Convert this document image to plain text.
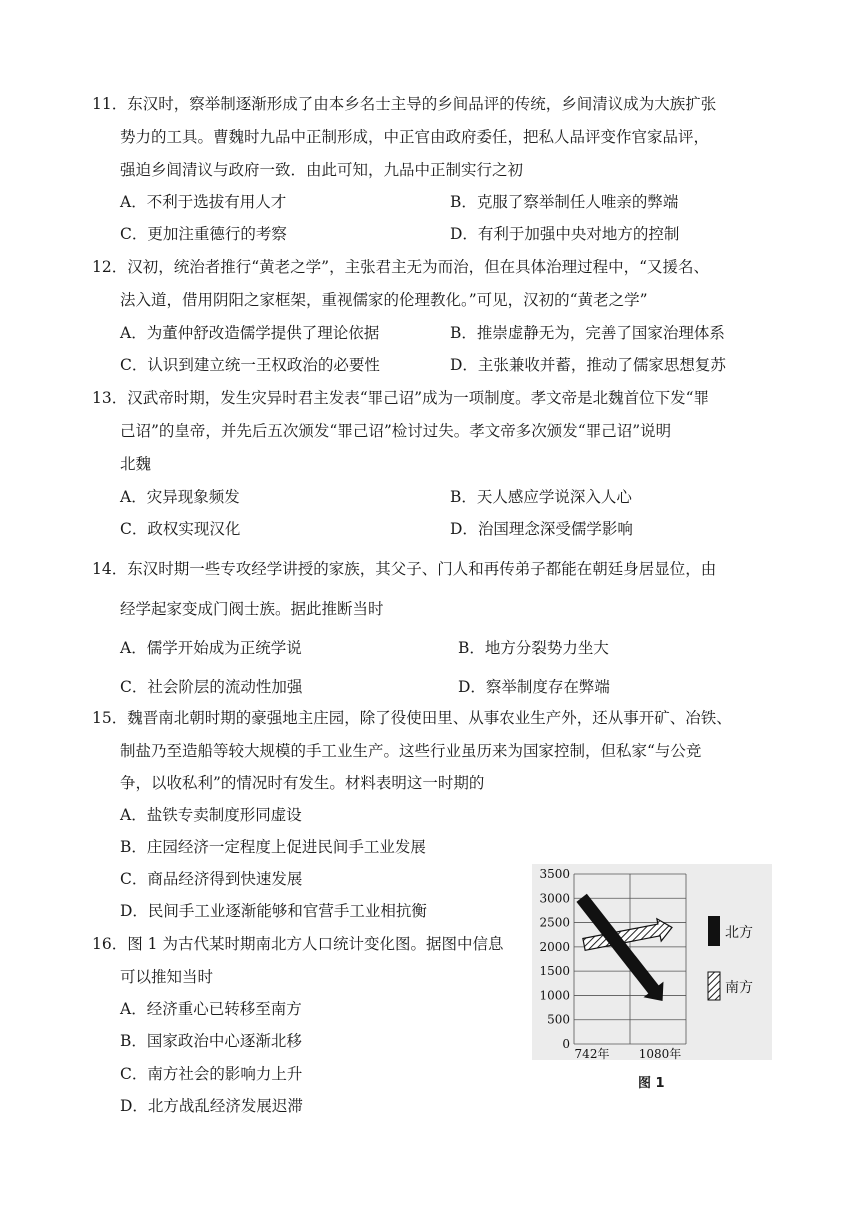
11．东汉时，察举制逐渐形成了由本乡名士主导的乡间品评的传统，乡间清议成为大族扩张
势力的工具。曹魏时九品中正制形成，中正官由政府委任，把私人品评变作官家品评，
强迫乡闾清议与政府一致．由此可知，九品中正制实行之初
A．不利于选拔有用人才	B．克服了察举制任人唯亲的弊端
C．更加注重德行的考察	D．有利于加强中央对地方的控制
12．汉初，统治者推行“黄老之学”，主张君主无为而治，但在具体治理过程中，“又援名、
法入道，借用阴阳之家框架，重视儒家的伦理教化。”可见，汉初的“黄老之学”
A．为董仲舒改造儒学提供了理论依据	B．推崇虚静无为，完善了国家治理体系
C．认识到建立统一王权政治的必要性	D．主张兼收并蓄，推动了儒家思想复苏
13．汉武帝时期，发生灾异时君主发表“罪己诏”成为一项制度。孝文帝是北魏首位下发“罪
己诏”的皇帝，并先后五次颁发“罪己诏”检讨过失。孝文帝多次颁发“罪己诏”说明
北魏
A．灾异现象频发	B．天人感应学说深入人心
C．政权实现汉化	D．治国理念深受儒学影响
14．东汉时期一些专攻经学讲授的家族，其父子、门人和再传弟子都能在朝廷身居显位，由
经学起家变成门阀士族。据此推断当时
A．儒学开始成为正统学说	B．地方分裂势力坐大
C．社会阶层的流动性加强	D．察举制度存在弊端
15．魏晋南北朝时期的豪强地主庄园，除了役使田里、从事农业生产外，还从事开矿、冶铁、
制盐乃至造船等较大规模的手工业生产。这些行业虽历来为国家控制，但私家“与公竞
争，以收私利”的情况时有发生。材料表明这一时期的
A．盐铁专卖制度形同虚设
B．庄园经济一定程度上促进民间手工业发展
C．商品经济得到快速发展
D．民间手工业逐渐能够和官营手工业相抗衡
16．图 1 为古代某时期南北方人口统计变化图。据图中信息
可以推知当时
A．经济重心已转移至南方
B．国家政治中心逐渐北移
C．南方社会的影响力上升
D．北方战乱经济发展迟滞
0
500
1000
1500
2000
2500
3000
3500
742年 1080年
北方
南方
图 1
